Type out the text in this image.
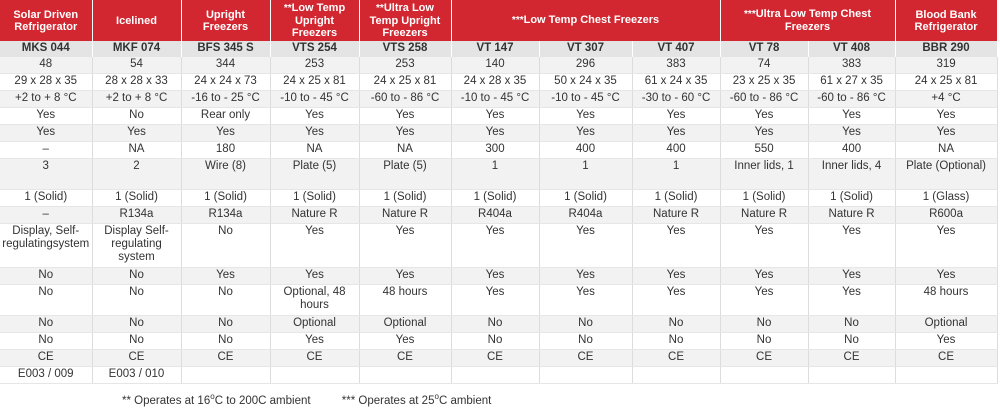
Solar Driven Refrigerator	Icelined	Upright Freezers	**Low Temp Upright Freezers	**Ultra Low Temp Upright Freezers	***Low Temp Chest Freezers			***Ultra Low Temp Chest Freezers		Blood Bank Refrigerator
MKS 044	MKF 074	BFS 345 S	VTS 254	VTS 258	VT 147	VT 307	VT 407	VT 78	VT 408	BBR 290
48	54	344	253	253	140	296	383	74	383	319
29 x 28 x 35	28 x 28 x 33	24 x 24 x 73	24 x 25 x 81	24 x 25 x 81	24 x 28 x 35	50 x 24 x 35	61 x 24 x 35	23 x 25 x 35	61 x 27 x 35	24 x 25 x 81
+2 to + 8 °C	+2 to + 8 °C	-16 to - 25 °C	-10 to - 45 °C	-60 to - 86 °C	-10 to - 45 °C	-10 to - 45 °C	-30 to - 60 °C	-60 to - 86 °C	-60 to - 86 °C	+4 °C
Yes	No	Rear only	Yes	Yes	Yes	Yes	Yes	Yes	Yes	Yes
Yes	Yes	Yes	Yes	Yes	Yes	Yes	Yes	Yes	Yes	Yes
–	NA	180	NA	NA	300	400	400	550	400	NA
3	2	Wire (8)	Plate (5)	Plate (5)	1	1	1	Inner lids, 1	Inner lids, 4	Plate (Optional)
1 (Solid)	1 (Solid)	1 (Solid)	1 (Solid)	1 (Solid)	1 (Solid)	1 (Solid)	1 (Solid)	1 (Solid)	1 (Solid)	1 (Glass)
–	R134a	R134a	Nature R	Nature R	R404a	R404a	Nature R	Nature R	Nature R	R600a
Display, Self-regulatingsystem	Display Self-regulating system	No	Yes	Yes	Yes	Yes	Yes	Yes	Yes	Yes
No	No	Yes	Yes	Yes	Yes	Yes	Yes	Yes	Yes	Yes
No	No	No	Optional, 48 hours	48 hours	Yes	Yes	Yes	Yes	Yes	48 hours
No	No	No	Optional	Optional	No	No	No	No	No	Optional
No	No	No	Yes	Yes	No	No	No	No	No	Yes
CE	CE	CE	CE	CE	CE	CE	CE	CE	CE	CE
E003 / 009	E003 / 010									
** Operates at 16$^o$C to 200C ambient	*** Operates at 25$^o$C ambient
